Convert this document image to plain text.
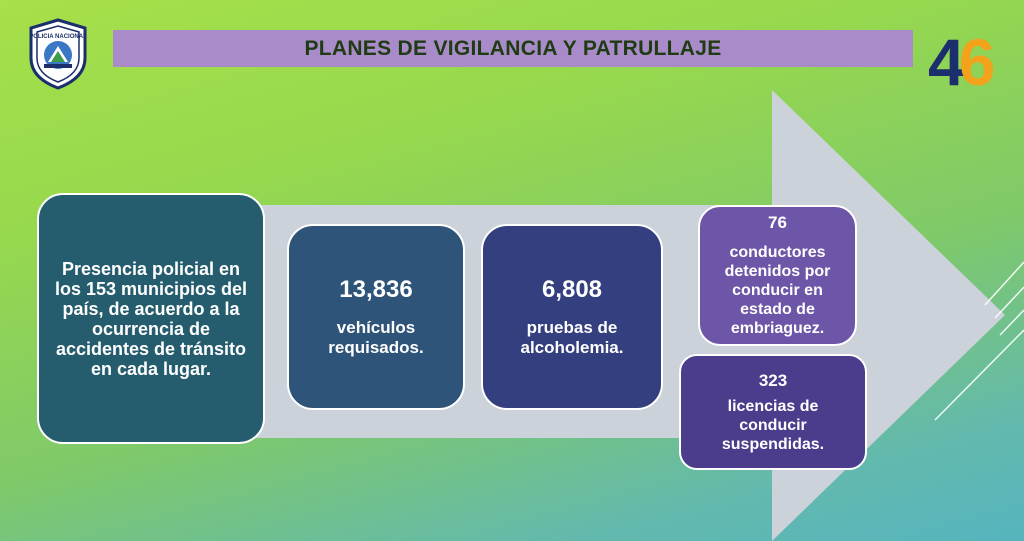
PLANES DE VIGILANCIA Y PATRULLAJE
POLICIA NACIONAL	46
Presencia policial en los 153 municipios del país, de acuerdo a la ocurrencia de accidentes de tránsito en cada lugar.
13,836
vehículos requisados.
6,808
pruebas de alcoholemia.
76
conductores detenidos por conducir en estado de embriaguez.
323
licencias de conducir suspendidas.
